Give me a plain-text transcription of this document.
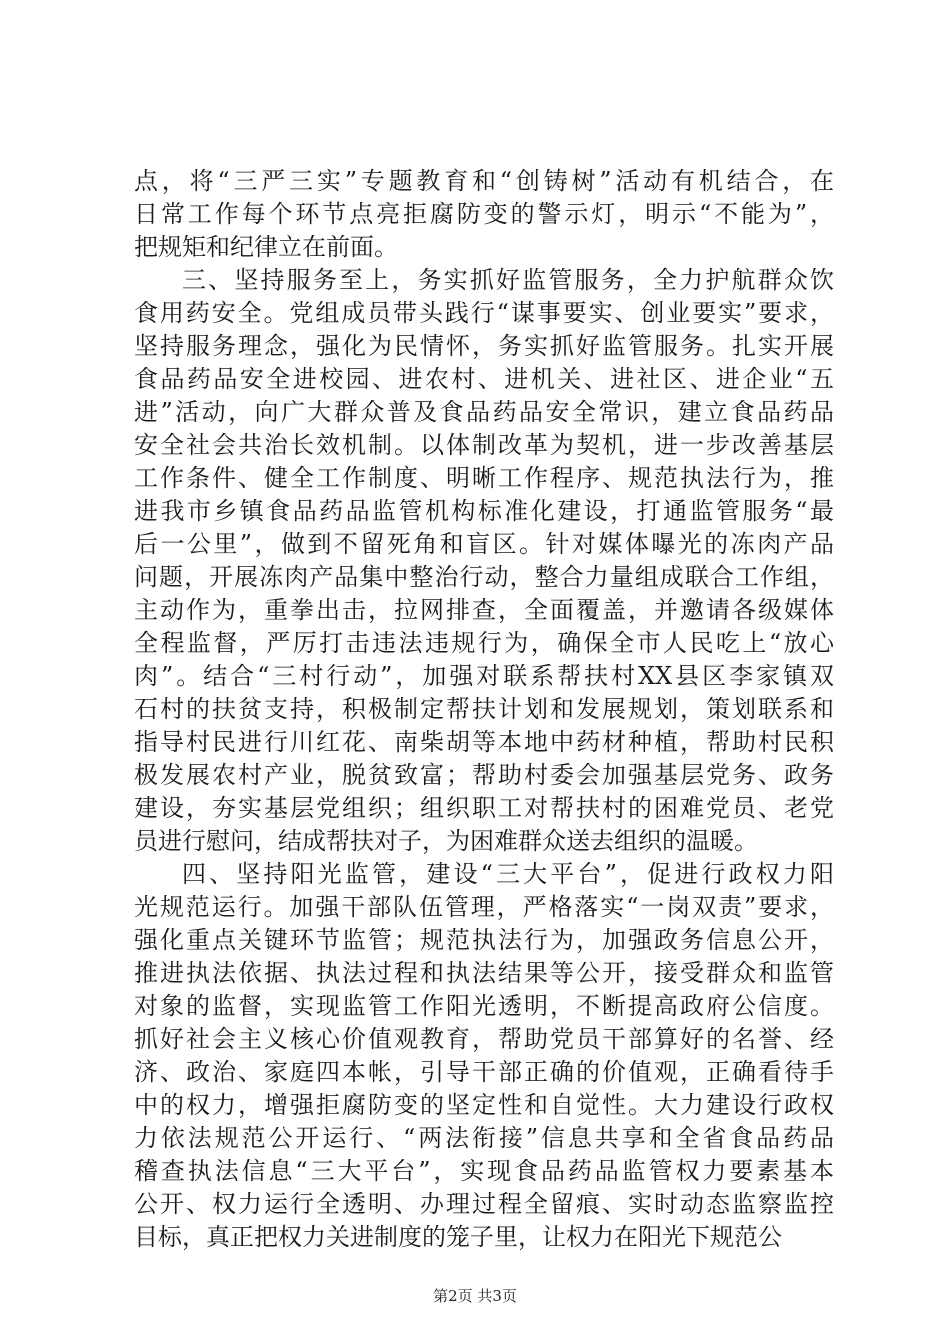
点，将“三严三实”专题教育和“创铸树”活动有机结合，在
日常工作每个环节点亮拒腐防变的警示灯，明示“不能为”，
把规矩和纪律立在前面。
三、坚持服务至上，务实抓好监管服务，全力护航群众饮
食用药安全。党组成员带头践行“谋事要实、创业要实”要求，
坚持服务理念，强化为民情怀，务实抓好监管服务。扎实开展
食品药品安全进校园、进农村、进机关、进社区、进企业“五
进”活动，向广大群众普及食品药品安全常识，建立食品药品
安全社会共治长效机制。以体制改革为契机，进一步改善基层
工作条件、健全工作制度、明晰工作程序、规范执法行为，推
进我市乡镇食品药品监管机构标准化建设，打通监管服务“最
后一公里”，做到不留死角和盲区。针对媒体曝光的冻肉产品
问题，开展冻肉产品集中整治行动，整合力量组成联合工作组，
主动作为，重拳出击，拉网排查，全面覆盖，并邀请各级媒体
全程监督，严厉打击违法违规行为，确保全市人民吃上“放心
肉”。结合“三村行动”，加强对联系帮扶村XX县区李家镇双
石村的扶贫支持，积极制定帮扶计划和发展规划，策划联系和
指导村民进行川红花、南柴胡等本地中药材种植，帮助村民积
极发展农村产业，脱贫致富；帮助村委会加强基层党务、政务
建设，夯实基层党组织；组织职工对帮扶村的困难党员、老党
员进行慰问，结成帮扶对子，为困难群众送去组织的温暖。
四、坚持阳光监管，建设“三大平台”，促进行政权力阳
光规范运行。加强干部队伍管理，严格落实“一岗双责”要求，
强化重点关键环节监管；规范执法行为，加强政务信息公开，
推进执法依据、执法过程和执法结果等公开，接受群众和监管
对象的监督，实现监管工作阳光透明，不断提高政府公信度。
抓好社会主义核心价值观教育，帮助党员干部算好的名誉、经
济、政治、家庭四本帐，引导干部正确的价值观，正确看待手
中的权力，增强拒腐防变的坚定性和自觉性。大力建设行政权
力依法规范公开运行、“两法衔接”信息共享和全省食品药品
稽查执法信息“三大平台”，实现食品药品监管权力要素基本
公开、权力运行全透明、办理过程全留痕、实时动态监察监控
目标，真正把权力关进制度的笼子里，让权力在阳光下规范公
第2页 共3页
